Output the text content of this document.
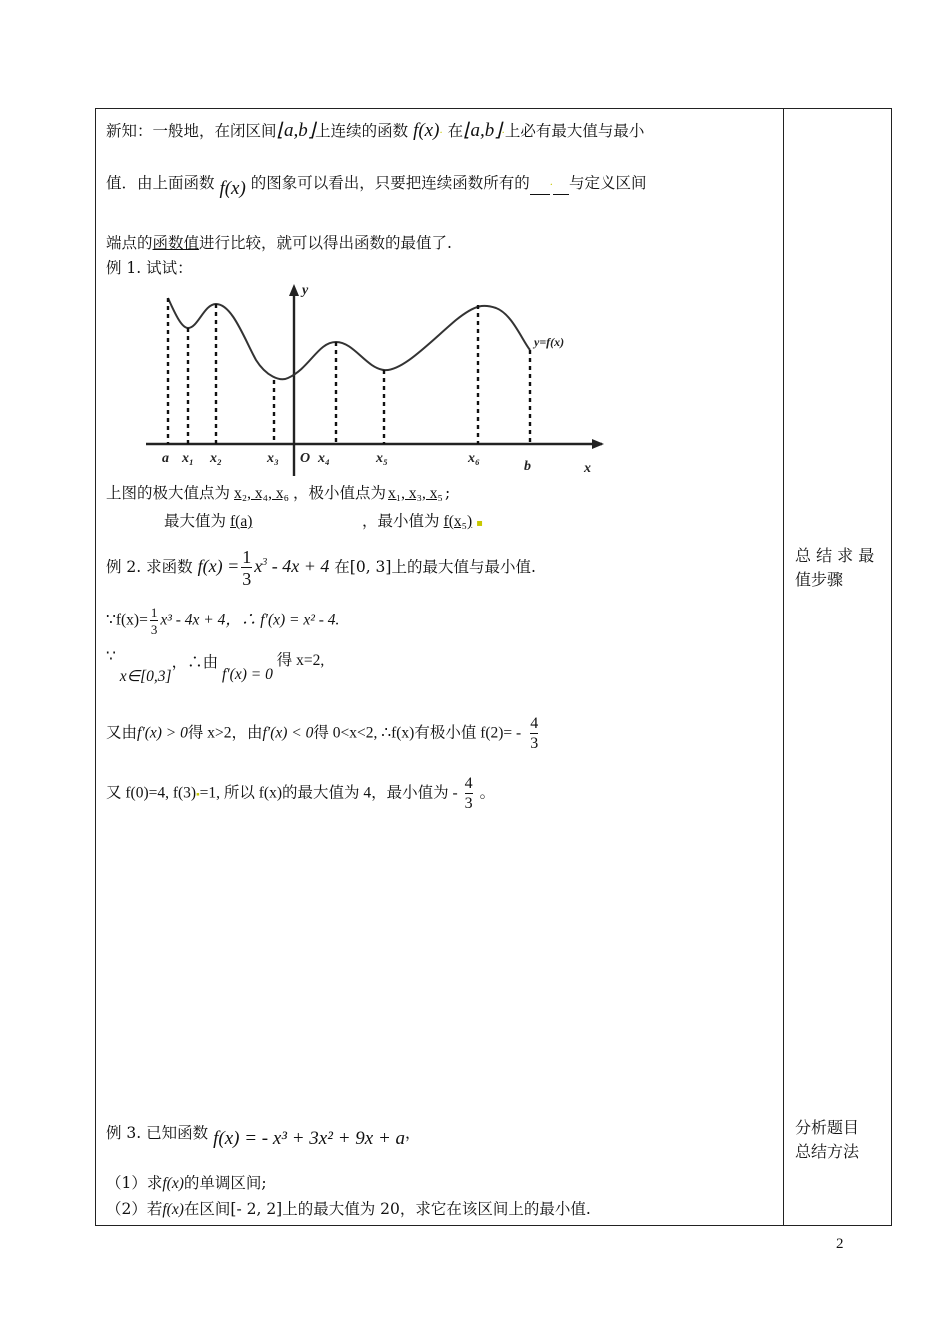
新知：一般地，在闭区间⌊a,b⌋上连续的函数 f(x)· 在⌊a,b⌋·上必有最大值与最小
值．由上面函数 f(x) 的图象可以看出，只要把连续函数所有的 · 与定义区间
端点的函数值进行比较，就可以得出函数的最值了.
例 1. 试试：
y
x
y=f(x)
O
a x₁ x₂	x₃	x₄	x₅	x₆
b
上图的极大值点为 x₂, x₄, x₆ ，极小值点为 x₁, x₃, x₅ ;
最大值为 f(a)	，最小值为 f(x₅) ▪
例 2. 求函数 $f(x) = \frac{1}{3} x^3 - 4x + 4$ 在[0, 3]上的最大值与最小值.
∵f(x)= $\frac{1}{3} x^3 - 4x + 4$，∴ f′(x) = x² - 4.
∵ x∈[0,3]，∴由 f′(x) = 0 得 x=2,
又由f′(x) > 0得 x>2，由f′(x) < 0得 0<x<2, ∴f(x)有极小值 $f(2)= - \frac{4}{3}$
又 f(0)=4, f(3)▪=1, 所以 f(x)的最大值为 4，最小值为 - $\frac{4}{3}$ 。
例 3. 已知函数 f(x) = - x³ + 3x² + 9x + a，
（1）求f(x)的单调区间;
（2）若f(x)在区间[- 2, 2]上的最大值为 20，求它在该区间上的最小值.
总 结 求 最
值步骤
分析题目
总结方法
2
